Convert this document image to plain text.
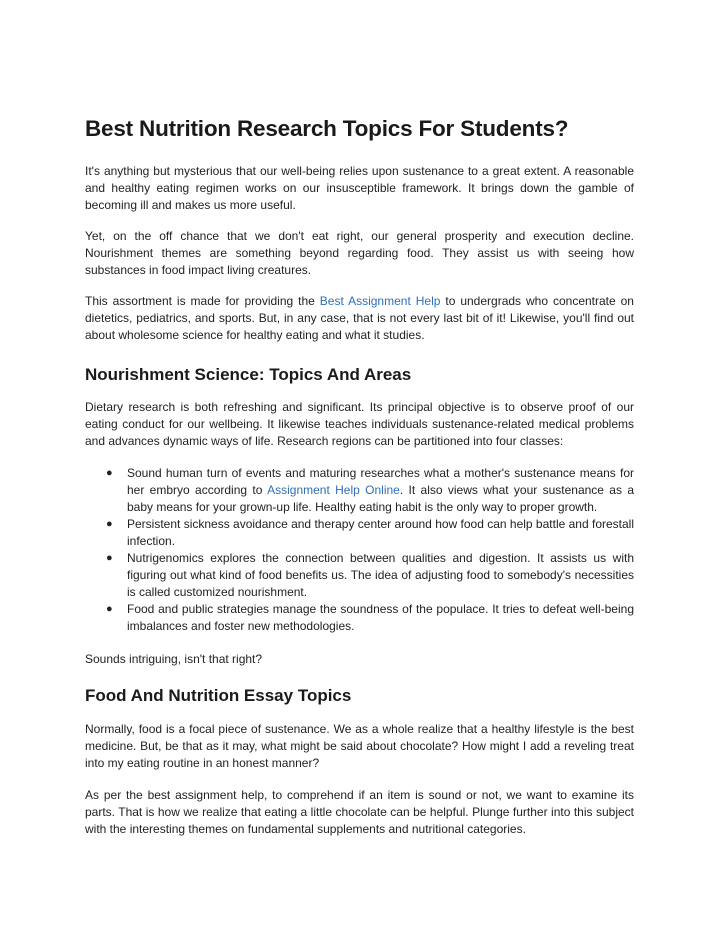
Best Nutrition Research Topics For Students?

It's anything but mysterious that our well-being relies upon sustenance to a great extent. A reasonable and healthy eating regimen works on our insusceptible framework. It brings down the gamble of becoming ill and makes us more useful.

Yet, on the off chance that we don't eat right, our general prosperity and execution decline. Nourishment themes are something beyond regarding food. They assist us with seeing how substances in food impact living creatures.

This assortment is made for providing the Best Assignment Help to undergrads who concentrate on dietetics, pediatrics, and sports. But, in any case, that is not every last bit of it! Likewise, you'll find out about wholesome science for healthy eating and what it studies.

Nourishment Science: Topics And Areas

Dietary research is both refreshing and significant. Its principal objective is to observe proof of our eating conduct for our wellbeing. It likewise teaches individuals sustenance-related medical problems and advances dynamic ways of life. Research regions can be partitioned into four classes:

● Sound human turn of events and maturing researches what a mother's sustenance means for her embryo according to Assignment Help Online. It also views what your sustenance as a baby means for your grown-up life. Healthy eating habit is the only way to proper growth.
● Persistent sickness avoidance and therapy center around how food can help battle and forestall infection.
● Nutrigenomics explores the connection between qualities and digestion. It assists us with figuring out what kind of food benefits us. The idea of adjusting food to somebody's necessities is called customized nourishment.
● Food and public strategies manage the soundness of the populace. It tries to defeat well-being imbalances and foster new methodologies.

Sounds intriguing, isn't that right?

Food And Nutrition Essay Topics

Normally, food is a focal piece of sustenance. We as a whole realize that a healthy lifestyle is the best medicine. But, be that as it may, what might be said about chocolate? How might I add a reveling treat into my eating routine in an honest manner?

As per the best assignment help, to comprehend if an item is sound or not, we want to examine its parts. That is how we realize that eating a little chocolate can be helpful. Plunge further into this subject with the interesting themes on fundamental supplements and nutritional categories.
